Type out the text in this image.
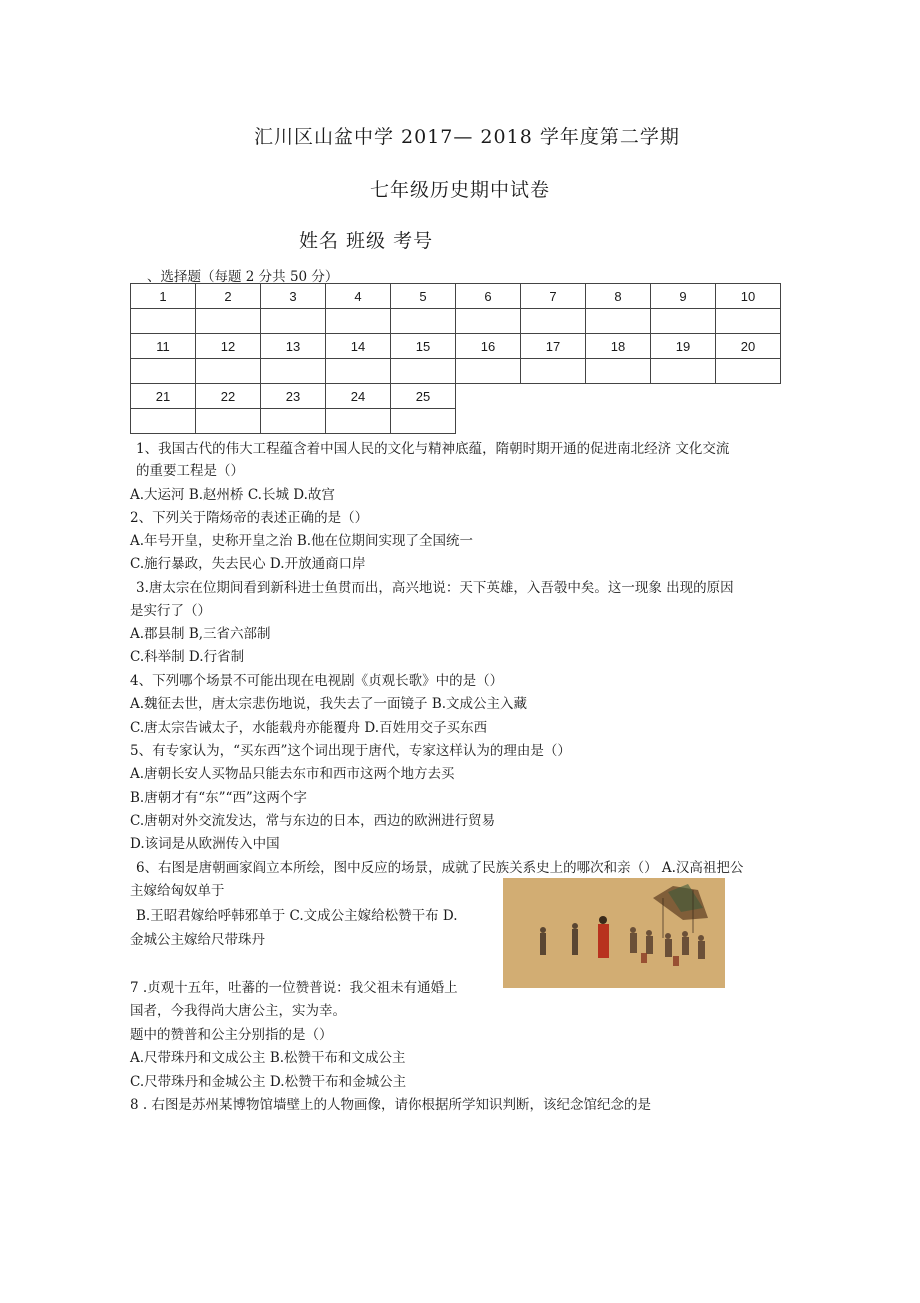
汇川区山盆中学 2017— 2018 学年度第二学期
七年级历史期中试卷
姓名 班级 考号
、选择题（每题 2 分共 50 分）
1	2	3	4	5	6	7	8	9	10

11	12	13	14	15	16	17	18	19	20

21	22	23	24	25					

1、我国古代的伟大工程蕴含着中国人民的文化与精神底蕴，隋朝时期开通的促进南北经济 文化交流
的重要工程是（）
A.大运河 B.赵州桥 C.长城 D.故宫
2、下列关于隋炀帝的表述正确的是（）
A.年号开皇，史称开皇之治 B.他在位期间实现了全国统一
C.施行暴政，失去民心 D.开放通商口岸
3.唐太宗在位期间看到新科进士鱼贯而出，高兴地说：天下英雄，入吾彀中矣。这一现象 出现的原因
是实行了（）
A.郡县制 B,三省六部制
C.科举制 D.行省制
4、下列哪个场景不可能出现在电视剧《贞观长歌》中的是（）
A.魏征去世，唐太宗悲伤地说，我失去了一面镜子 B.文成公主入藏
C.唐太宗告诫太子，水能载舟亦能覆舟 D.百姓用交子买东西
5、有专家认为，“买东西”这个词出现于唐代，专家这样认为的理由是（）
A.唐朝长安人买物品只能去东市和西市这两个地方去买
B.唐朝才有“东”“西”这两个字
C.唐朝对外交流发达，常与东边的日本，西边的欧洲进行贸易
D.该词是从欧洲传入中国
6、右图是唐朝画家阎立本所绘，图中反应的场景，成就了民族关系史上的哪次和亲（） A.汉高祖把公
主嫁给匈奴单于
B.王昭君嫁给呼韩邪单于 C.文成公主嫁给松赞干布 D.
金城公主嫁给尺带珠丹
7 .贞观十五年，吐蕃的一位赞普说：我父祖未有通婚上
国者，今我得尚大唐公主，实为幸。
题中的赞普和公主分别指的是（）
A.尺带珠丹和文成公主 B.松赞干布和文成公主
C.尺带珠丹和金城公主 D.松赞干布和金城公主
8 . 右图是苏州某博物馆墙壁上的人物画像，请你根据所学知识判断，该纪念馆纪念的是
